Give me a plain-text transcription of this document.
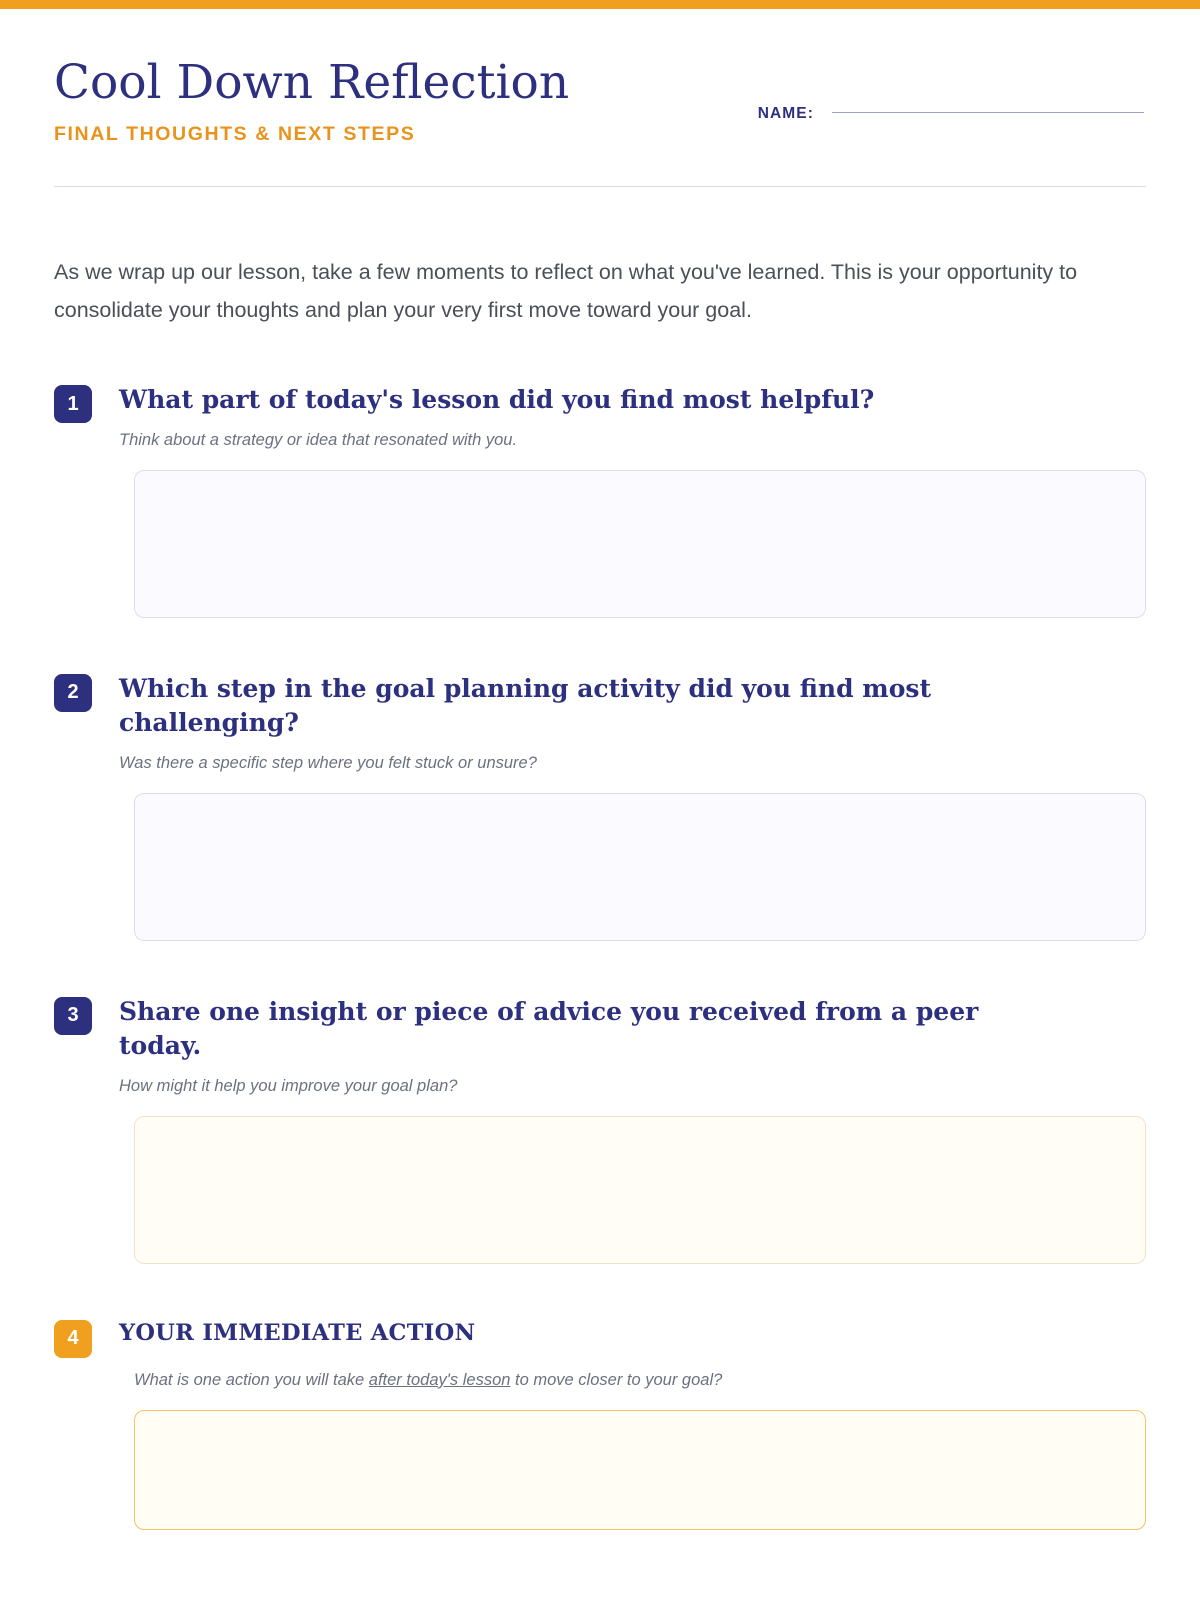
Cool Down Reflection
FINAL THOUGHTS & NEXT STEPS
NAME:

As we wrap up our lesson, take a few moments to reflect on what you've learned. This is your opportunity to consolidate your thoughts and plan your very first move toward your goal.

1	What part of today's lesson did you find most helpful?
Think about a strategy or idea that resonated with you.
2	Which step in the goal planning activity did you find most challenging?
Was there a specific step where you felt stuck or unsure?
3	Share one insight or piece of advice you received from a peer today.
How might it help you improve your goal plan?
4	YOUR IMMEDIATE ACTION
What is one action you will take after today's lesson to move closer to your goal?
